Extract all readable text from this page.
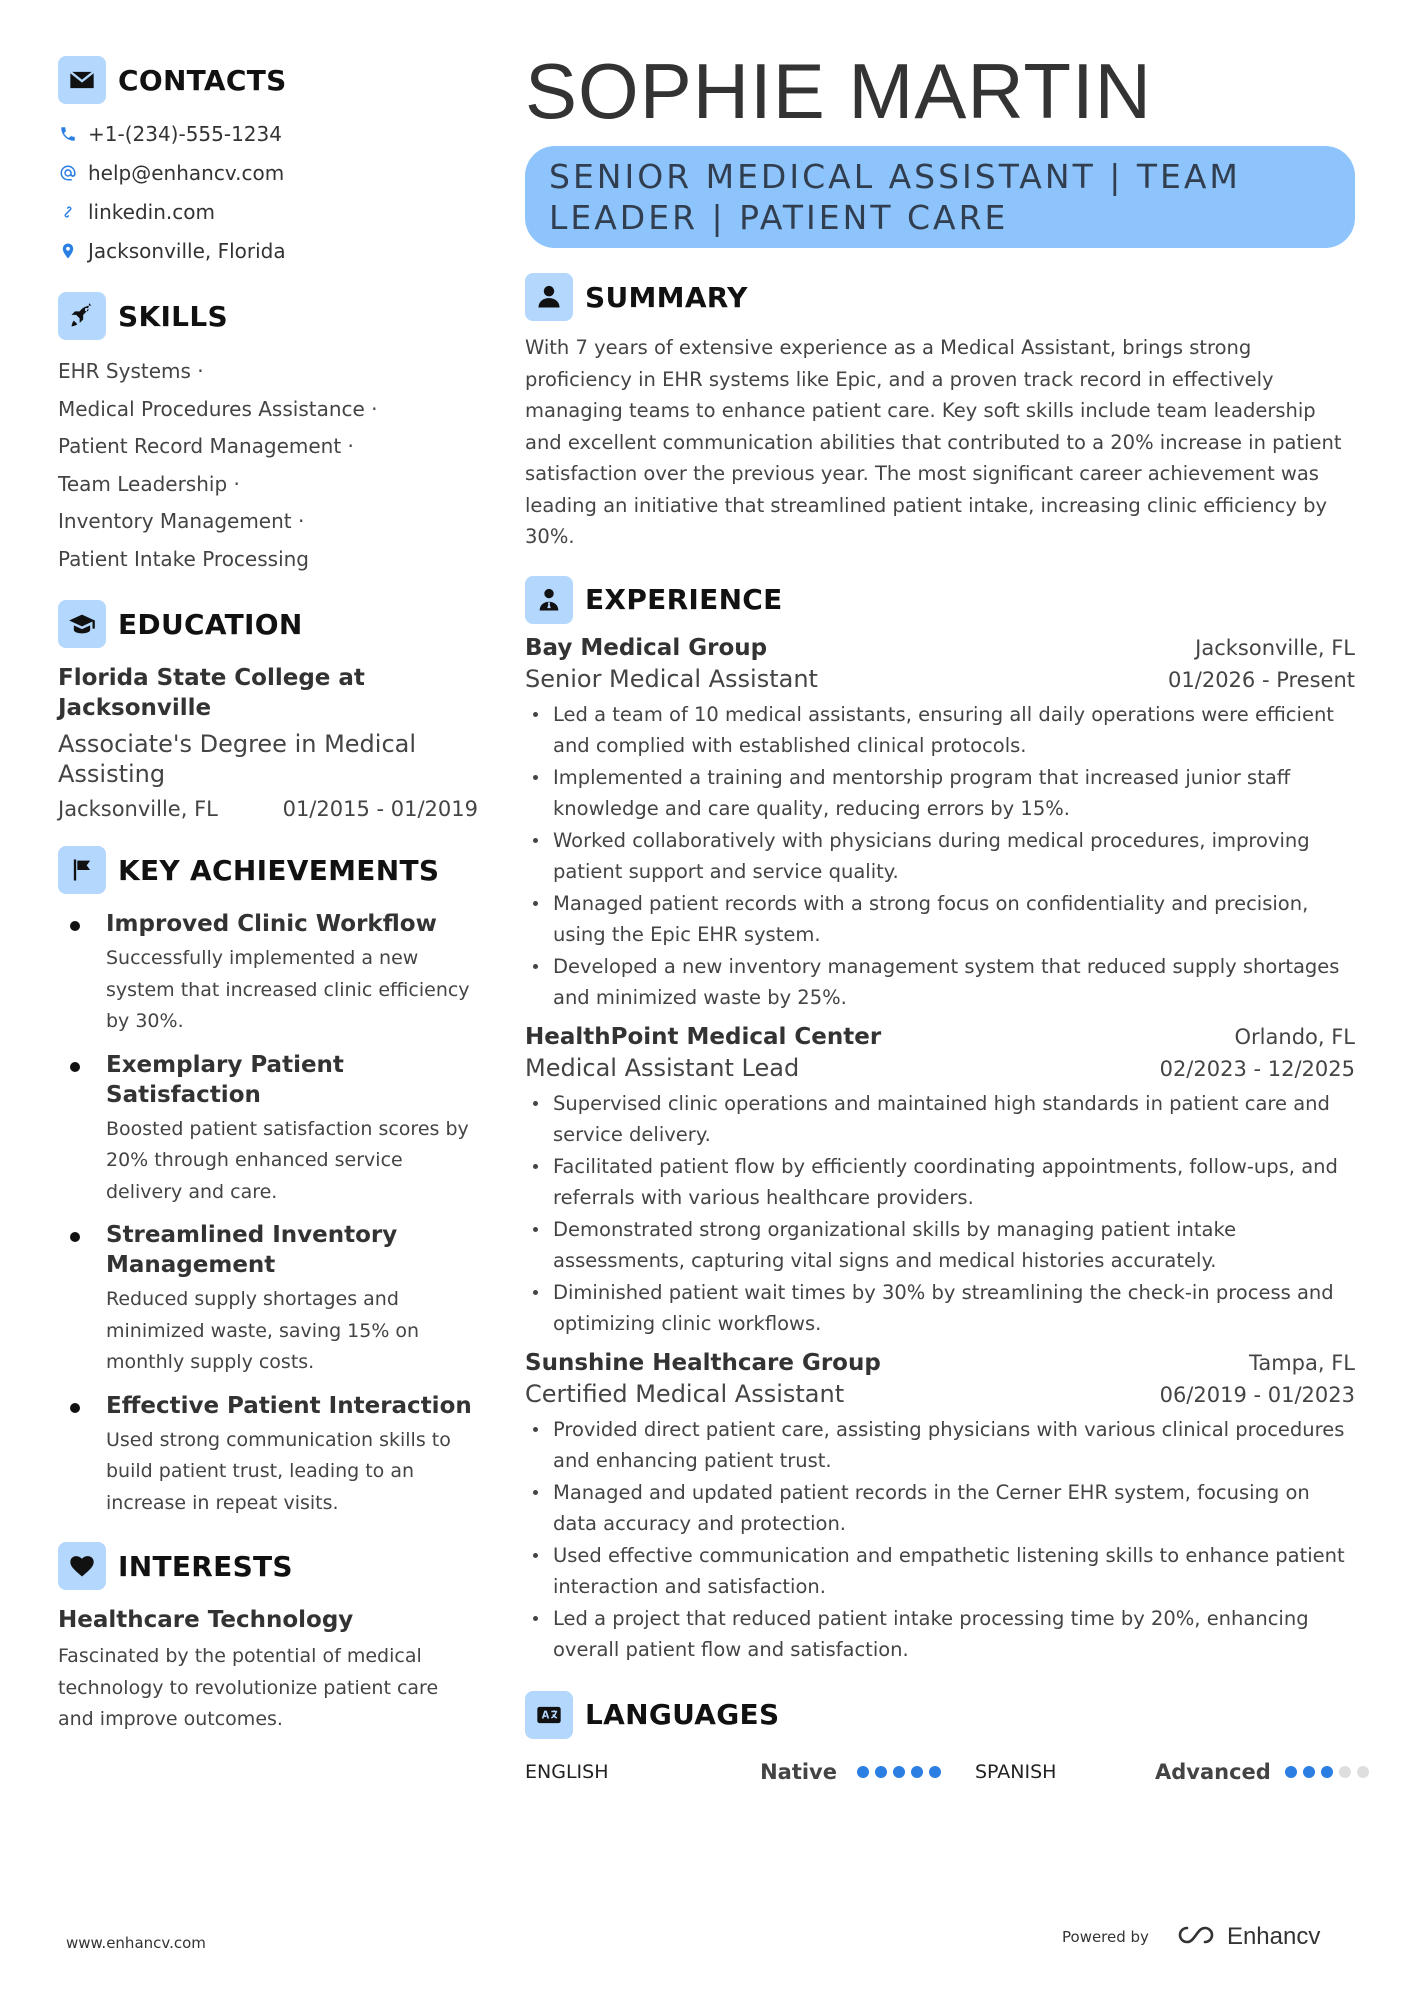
CONTACTS
+1-(234)-555-1234
help@enhancv.com
linkedin.com
Jacksonville, Florida
SKILLS
EHR Systems ·
Medical Procedures Assistance ·
Patient Record Management ·
Team Leadership ·
Inventory Management ·
Patient Intake Processing
EDUCATION
Florida State College at Jacksonville
Associate's Degree in Medical Assisting
Jacksonville, FL	01/2015 - 01/2019
KEY ACHIEVEMENTS
Improved Clinic Workflow
Successfully implemented a new system that increased clinic efficiency by 30%.
Exemplary Patient Satisfaction
Boosted patient satisfaction scores by 20% through enhanced service delivery and care.
Streamlined Inventory Management
Reduced supply shortages and minimized waste, saving 15% on monthly supply costs.
Effective Patient Interaction
Used strong communication skills to build patient trust, leading to an increase in repeat visits.
INTERESTS
Healthcare Technology
Fascinated by the potential of medical technology to revolutionize patient care and improve outcomes.
SOPHIE MARTIN
SENIOR MEDICAL ASSISTANT | TEAM LEADER | PATIENT CARE
SUMMARY
With 7 years of extensive experience as a Medical Assistant, brings strong proficiency in EHR systems like Epic, and a proven track record in effectively managing teams to enhance patient care. Key soft skills include team leadership and excellent communication abilities that contributed to a 20% increase in patient satisfaction over the previous year. The most significant career achievement was leading an initiative that streamlined patient intake, increasing clinic efficiency by 30%.
EXPERIENCE
Bay Medical Group	Jacksonville, FL
Senior Medical Assistant	01/2026 - Present
Led a team of 10 medical assistants, ensuring all daily operations were efficient and complied with established clinical protocols.
Implemented a training and mentorship program that increased junior staff knowledge and care quality, reducing errors by 15%.
Worked collaboratively with physicians during medical procedures, improving patient support and service quality.
Managed patient records with a strong focus on confidentiality and precision, using the Epic EHR system.
Developed a new inventory management system that reduced supply shortages and minimized waste by 25%.
HealthPoint Medical Center	Orlando, FL
Medical Assistant Lead	02/2023 - 12/2025
Supervised clinic operations and maintained high standards in patient care and service delivery.
Facilitated patient flow by efficiently coordinating appointments, follow-ups, and referrals with various healthcare providers.
Demonstrated strong organizational skills by managing patient intake assessments, capturing vital signs and medical histories accurately.
Diminished patient wait times by 30% by streamlining the check-in process and optimizing clinic workflows.
Sunshine Healthcare Group	Tampa, FL
Certified Medical Assistant	06/2019 - 01/2023
Provided direct patient care, assisting physicians with various clinical procedures and enhancing patient trust.
Managed and updated patient records in the Cerner EHR system, focusing on data accuracy and protection.
Used effective communication and empathetic listening skills to enhance patient interaction and satisfaction.
Led a project that reduced patient intake processing time by 20%, enhancing overall patient flow and satisfaction.
LANGUAGES
ENGLISH	Native	SPANISH	Advanced
www.enhancv.com	Powered by	Enhancv
